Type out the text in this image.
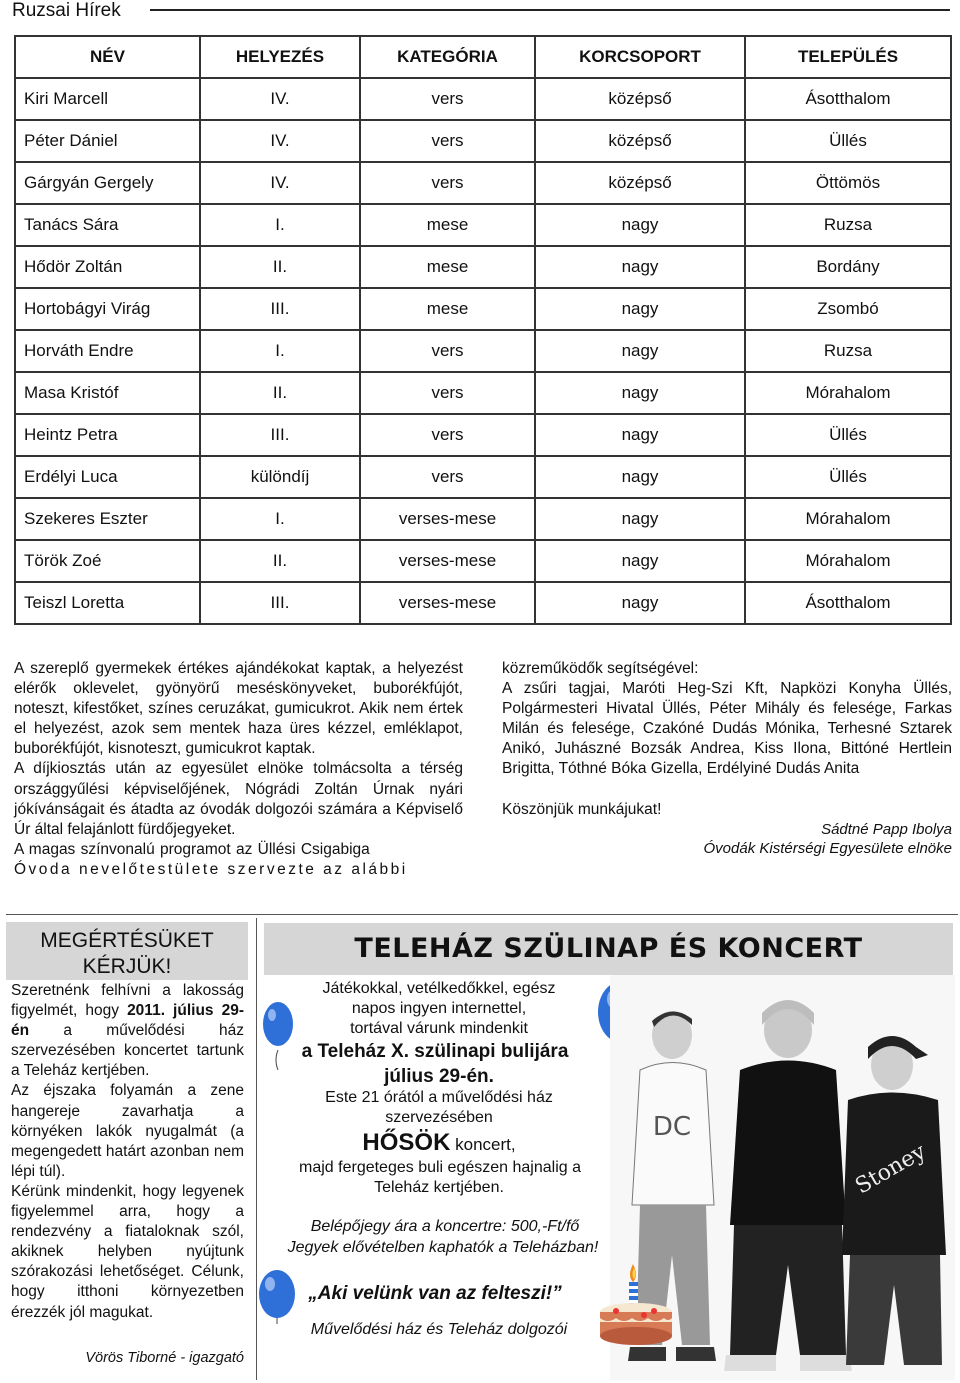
Ruzsai Hírek
NÉV	HELYEZÉS	KATEGÓRIA	KORCSOPORT	TELEPÜLÉS
Kiri Marcell	IV.	vers	középső	Ásotthalom
Péter Dániel	IV.	vers	középső	Üllés
Gárgyán Gergely	IV.	vers	középső	Öttömös
Tanács Sára	I.	mese	nagy	Ruzsa
Hődör Zoltán	II.	mese	nagy	Bordány
Hortobágyi Virág	III.	mese	nagy	Zsombó
Horváth Endre	I.	vers	nagy	Ruzsa
Masa Kristóf	II.	vers	nagy	Mórahalom
Heintz Petra	III.	vers	nagy	Üllés
Erdélyi Luca	különdíj	vers	nagy	Üllés
Szekeres Eszter	I.	verses-mese	nagy	Mórahalom
Török Zoé	II.	verses-mese	nagy	Mórahalom
Teiszl Loretta	III.	verses-mese	nagy	Ásotthalom

A szereplő gyermekek értékes ajándékokat kaptak, a helyezést elérők oklevelet, gyönyörű meséskönyveket, buborékfújót, noteszt, kifestőket, színes ceruzákat, gumicukrot. Akik nem értek el helyezést, azok sem mentek haza üres kézzel, emléklapot, buborékfújót, kisnoteszt, gumicukrot kaptak.

A díjkiosztás után az egyesület elnöke tolmácsolta a térség országgyűlési képviselőjének, Nógrádi Zoltán Úrnak nyári jókívánságait és átadta az óvodák dolgozói számára a Képviselő Úr által felajánlott fürdőjegyeket.

A magas színvonalú programot az Üllési Csigabiga

Óvoda nevelőtestülete szervezte az alábbi

közreműködők segítségével:

A zsűri tagjai, Maróti Heg-Szi Kft, Napközi Konyha Üllés, Polgármesteri Hivatal Üllés, Péter Mihály és felesége, Farkas Milán és felesége, Czakóné Dudás Mónika, Terhesné Sztarek Anikó, Juhászné Bozsák Andrea, Kiss Ilona, Bittóné Hertlein Brigitta, Tóthné Bóka Gizella, Erdélyiné Dudás Anita

Köszönjük munkájukat!

Sádtné Papp Ibolya

Óvodák Kistérségi Egyesülete elnöke

MEGÉRTÉSÜKET
KÉRJÜK!

Szeretnénk felhívni a lakosság figyelmét, hogy 2011. július 29-én a művelődési ház szervezésében koncertet tartunk a Teleház kertjében.

Az éjszaka folyamán a zene hangereje zavarhatja a környéken lakók nyugalmát (a megengedett határt azonban nem lépi túl).

Kérünk mindenkit, hogy legyenek figyelemmel arra, hogy a rendezvény a fiataloknak szól, akiknek helyben nyújtunk szórakozási lehetőséget. Célunk, hogy itthoni környezetben érezzék jól magukat.

Vörös Tiborné - igazgató
TELEHÁZ SZÜLINAP ÉS KONCERT
Játékokkal, vetélkedőkkel, egész
napos ingyen internettel,
tortával várunk mindenkit
a Teleház X. szülinapi bulijára
július 29-én.
Este 21 órától a művelődési ház
szervezésében
HŐSÖK koncert,
majd fergeteges buli egészen hajnalig a
Teleház kertjében.
Belépőjegy ára a koncertre: 500,-Ft/fő
Jegyek elővételben kaphatók a Teleházban!
„Aki velünk van az felteszi!”
Művelődési ház és Teleház dolgozói
DC
Stoney
